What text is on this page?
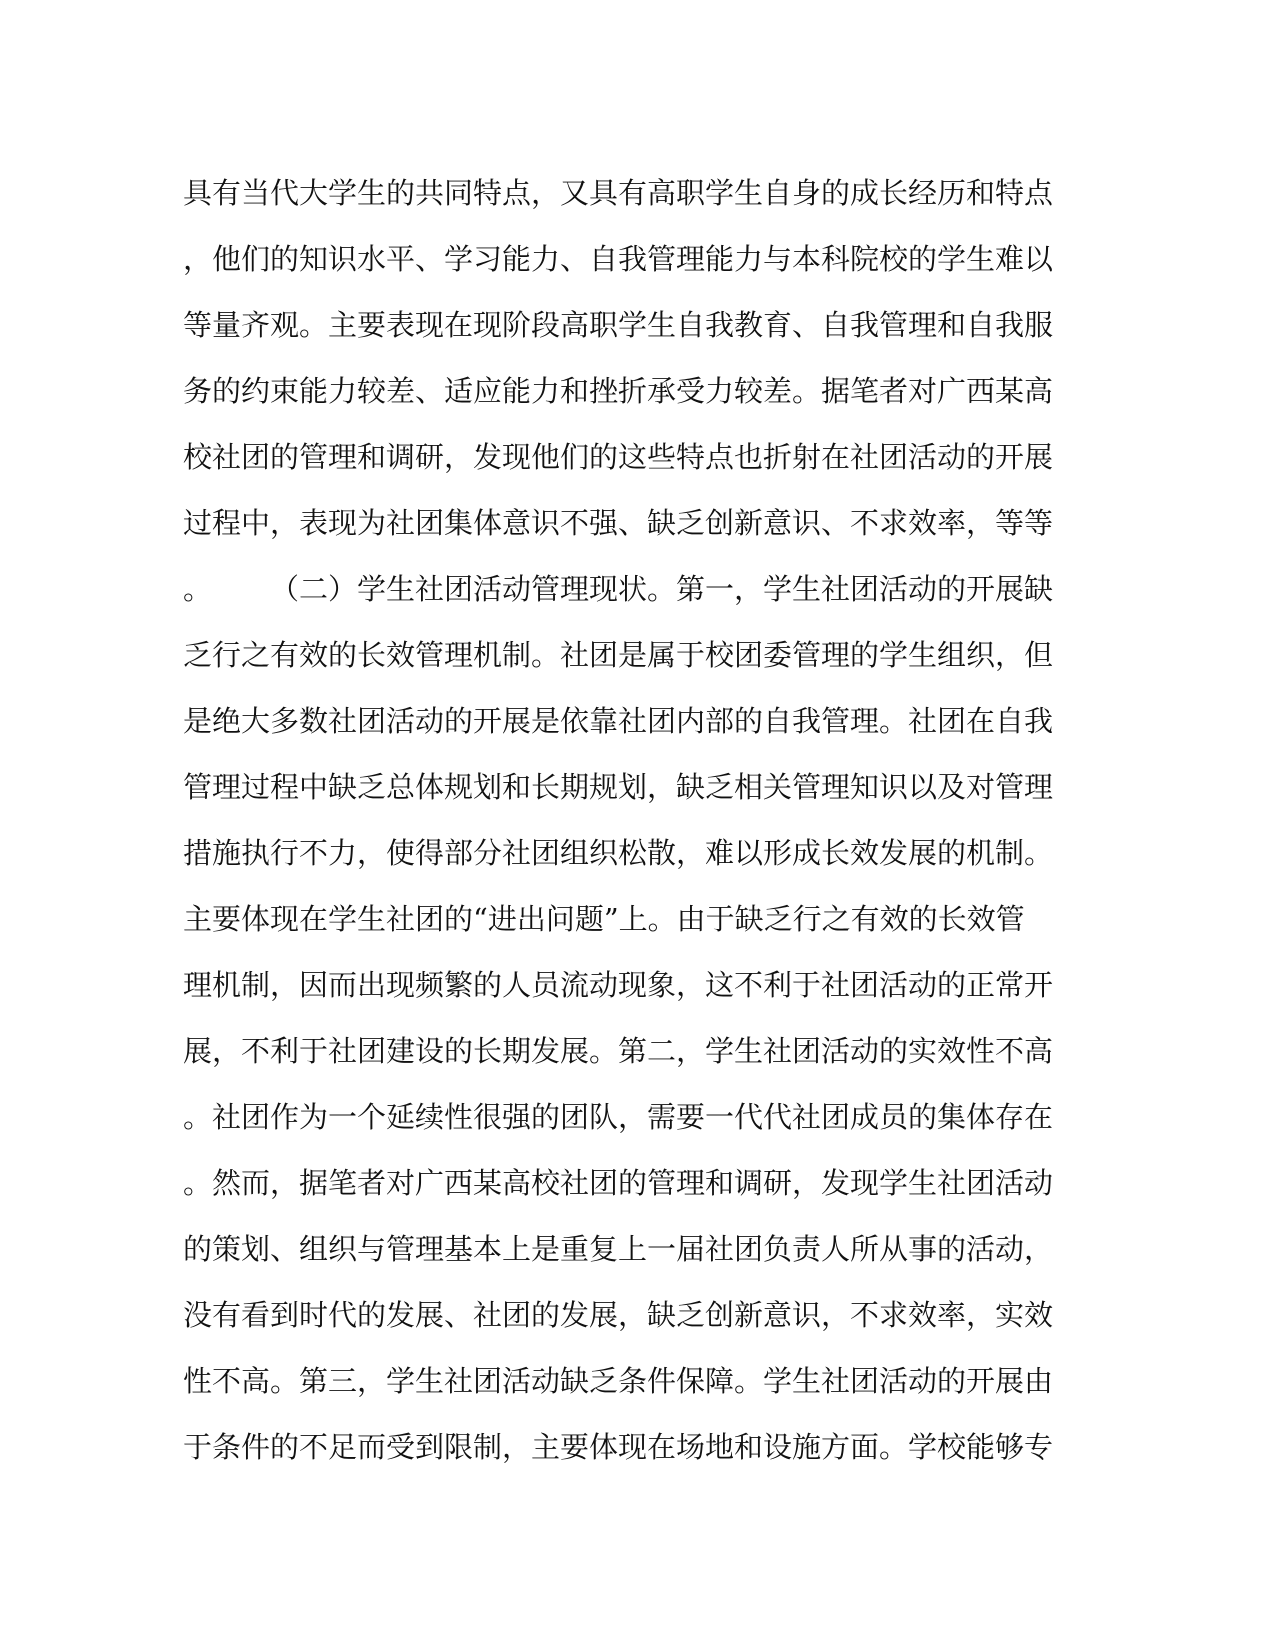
具有当代大学生的共同特点，又具有高职学生自身的成长经历和特点
，他们的知识水平、学习能力、自我管理能力与本科院校的学生难以
等量齐观。主要表现在现阶段高职学生自我教育、自我管理和自我服
务的约束能力较差、适应能力和挫折承受力较差。据笔者对广西某高
校社团的管理和调研，发现他们的这些特点也折射在社团活动的开展
过程中，表现为社团集体意识不强、缺乏创新意识、不求效率，等等
。　　　（二）学生社团活动管理现状。第一，学生社团活动的开展缺
乏行之有效的长效管理机制。社团是属于校团委管理的学生组织，但
是绝大多数社团活动的开展是依靠社团内部的自我管理。社团在自我
管理过程中缺乏总体规划和长期规划，缺乏相关管理知识以及对管理
措施执行不力，使得部分社团组织松散，难以形成长效发展的机制。
主要体现在学生社团的“进出问题”上。由于缺乏行之有效的长效管
理机制，因而出现频繁的人员流动现象，这不利于社团活动的正常开
展，不利于社团建设的长期发展。第二，学生社团活动的实效性不高
。社团作为一个延续性很强的团队，需要一代代社团成员的集体存在
。然而，据笔者对广西某高校社团的管理和调研，发现学生社团活动
的策划、组织与管理基本上是重复上一届社团负责人所从事的活动，
没有看到时代的发展、社团的发展，缺乏创新意识，不求效率，实效
性不高。第三，学生社团活动缺乏条件保障。学生社团活动的开展由
于条件的不足而受到限制，主要体现在场地和设施方面。学校能够专
